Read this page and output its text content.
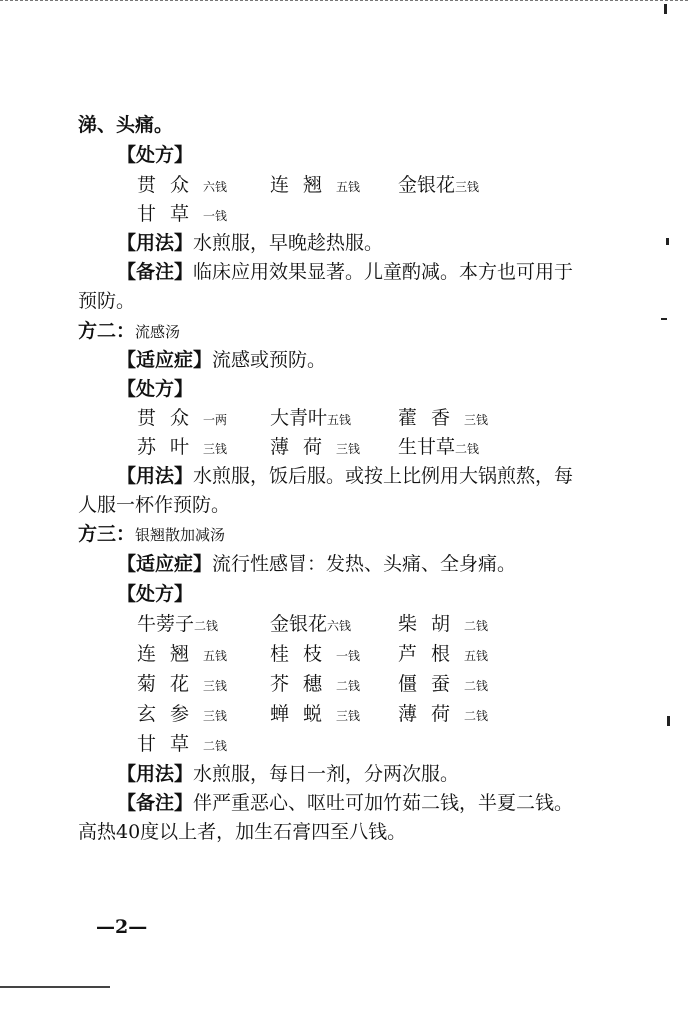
涕、头痛。
【处方】
贯众六钱 连翘五钱 金银花三钱
甘草一钱
【用法】水煎服，早晚趁热服。
【备注】临床应用效果显著。儿童酌减。本方也可用于
预防。
方二：流感汤
【适应症】流感或预防。
【处方】
贯众一两 大青叶五钱 藿香三钱
苏叶三钱 薄荷三钱 生甘草二钱
【用法】水煎服，饭后服。或按上比例用大锅煎熬，每
人服一杯作预防。
方三：银翘散加减汤
【适应症】流行性感冒：发热、头痛、全身痛。
【处方】
牛蒡子二钱	金银花六钱 柴胡二钱
连翘五钱 桂枝一钱 芦根五钱
菊花三钱 芥穗二钱 僵蚕二钱
玄参三钱 蝉蜕三钱 薄荷二钱
甘草二钱
【用法】水煎服，每日一剂，分两次服。
【备注】伴严重恶心、呕吐可加竹茹二钱，半夏二钱。
高热40度以上者，加生石膏四至八钱。
—2—
